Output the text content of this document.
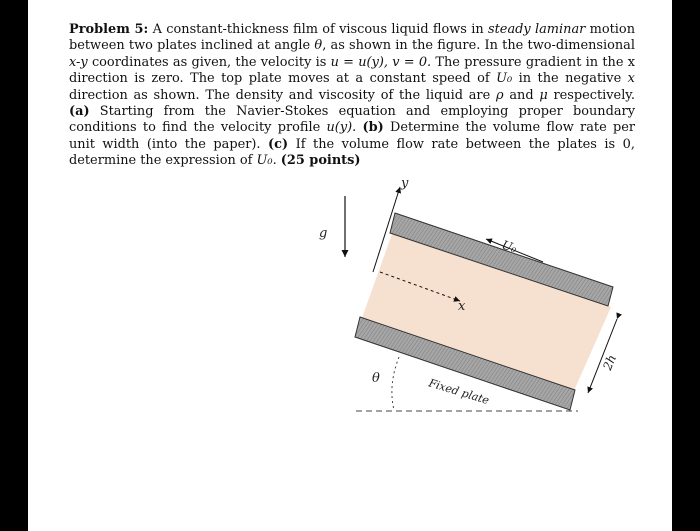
Problem 5: A constant-thickness film of viscous liquid flows in steady laminar motion between two plates inclined at angle θ, as shown in the figure. In the two-dimensional x-y coordinates as given, the velocity is u = u(y), v = 0. The pressure gradient in the x direction is zero. The top plate moves at a constant speed of U₀ in the negative x direction as shown. The density and viscosity of the liquid are ρ and μ respectively. (a) Starting from the Navier-Stokes equation and employing proper boundary conditions to find the velocity profile u(y). (b) Determine the volume flow rate per unit width (into the paper). (c) If the volume flow rate between the plates is 0, determine the expression of U₀. (25 points)
g
y
x
U₀
2h
θ	Fixed plate
